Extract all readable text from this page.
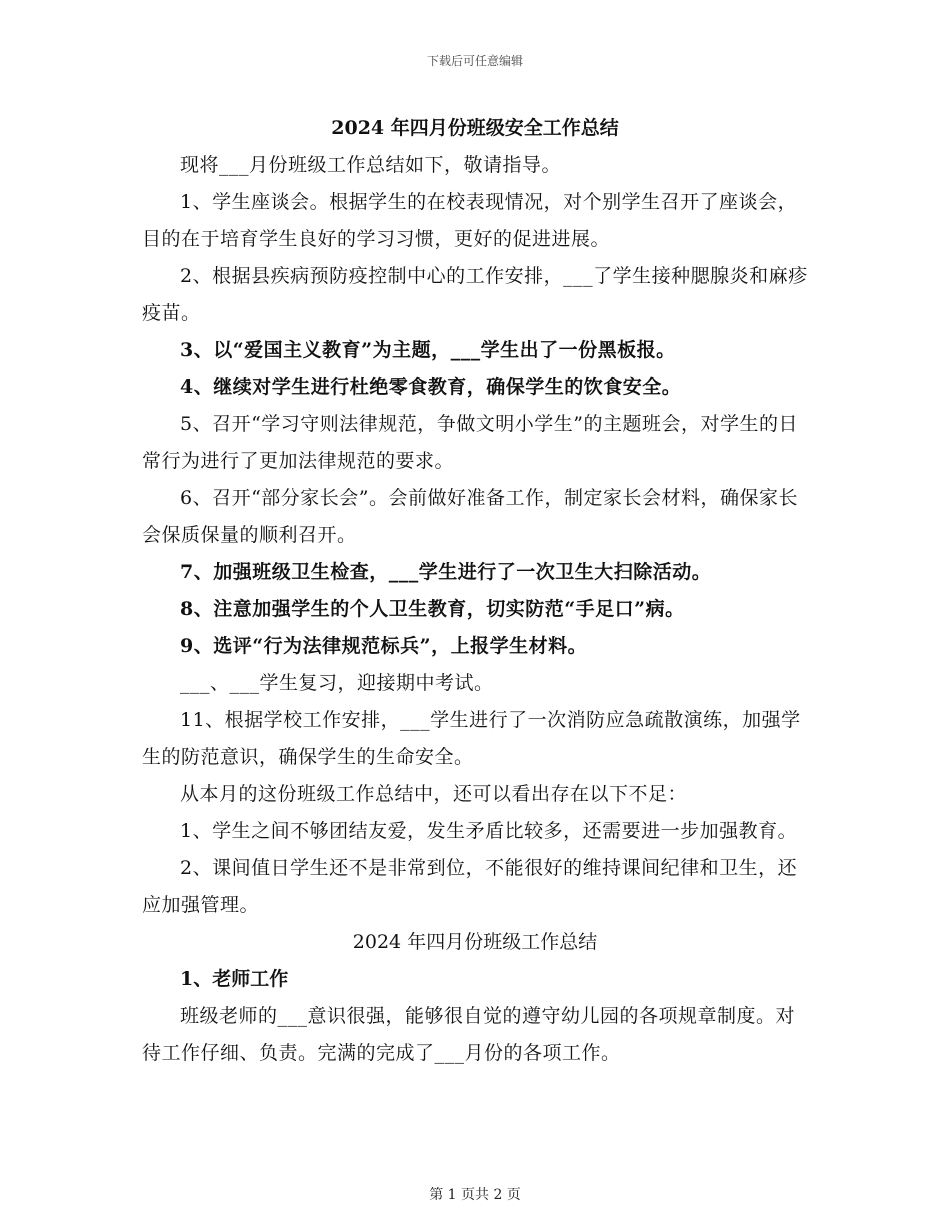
下载后可任意编辑

2024 年四月份班级安全工作总结

现将___月份班级工作总结如下，敬请指导。

1、学生座谈会。根据学生的在校表现情况，对个别学生召开了座谈会，目的在于培育学生良好的学习习惯，更好的促进进展。

2、根据县疾病预防疫控制中心的工作安排，___了学生接种腮腺炎和麻疹疫苗。

3、以“爱国主义教育”为主题，___学生出了一份黑板报。

4、继续对学生进行杜绝零食教育，确保学生的饮食安全。

5、召开“学习守则法律规范，争做文明小学生”的主题班会，对学生的日常行为进行了更加法律规范的要求。

6、召开“部分家长会”。会前做好准备工作，制定家长会材料，确保家长会保质保量的顺利召开。

7、加强班级卫生检查，___学生进行了一次卫生大扫除活动。

8、注意加强学生的个人卫生教育，切实防范“手足口”病。

9、选评“行为法律规范标兵”，上报学生材料。

___、___学生复习，迎接期中考试。

11、根据学校工作安排，___学生进行了一次消防应急疏散演练，加强学生的防范意识，确保学生的生命安全。

从本月的这份班级工作总结中，还可以看出存在以下不足：

1、学生之间不够团结友爱，发生矛盾比较多，还需要进一步加强教育。

2、课间值日学生还不是非常到位，不能很好的维持课间纪律和卫生，还应加强管理。

2024 年四月份班级工作总结

1、老师工作

班级老师的___意识很强，能够很自觉的遵守幼儿园的各项规章制度。对待工作仔细、负责。完满的完成了___月份的各项工作。

第 1 页共 2 页
